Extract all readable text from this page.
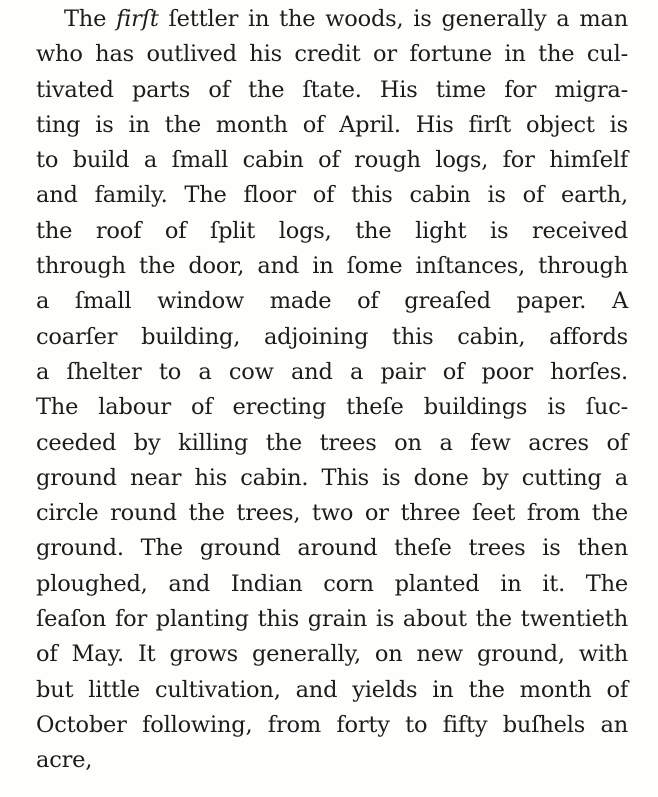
The firſt ſettler in the woods, is generally a man
who has outlived his credit or fortune in the cul-
tivated parts of the ſtate. His time for migra-
ting is in the month of April. His firſt object is
to build a ſmall cabin of rough logs, for himſelf
and family. The floor of this cabin is of earth,
the roof of ſplit logs, the light is received
through the door, and in ſome inſtances, through
a ſmall window made of greaſed paper. A
coarſer building, adjoining this cabin, affords
a ſhelter to a cow and a pair of poor horſes.
The labour of erecting theſe buildings is ſuc-
ceeded by killing the trees on a few acres of
ground near his cabin. This is done by cutting a
circle round the trees, two or three ſeet from the
ground. The ground around theſe trees is then
ploughed, and Indian corn planted in it. The
ſeaſon for planting this grain is about the twentieth
of May. It grows generally, on new ground, with
but little cultivation, and yields in the month of
October following, from forty to fifty buſhels an
acre,
